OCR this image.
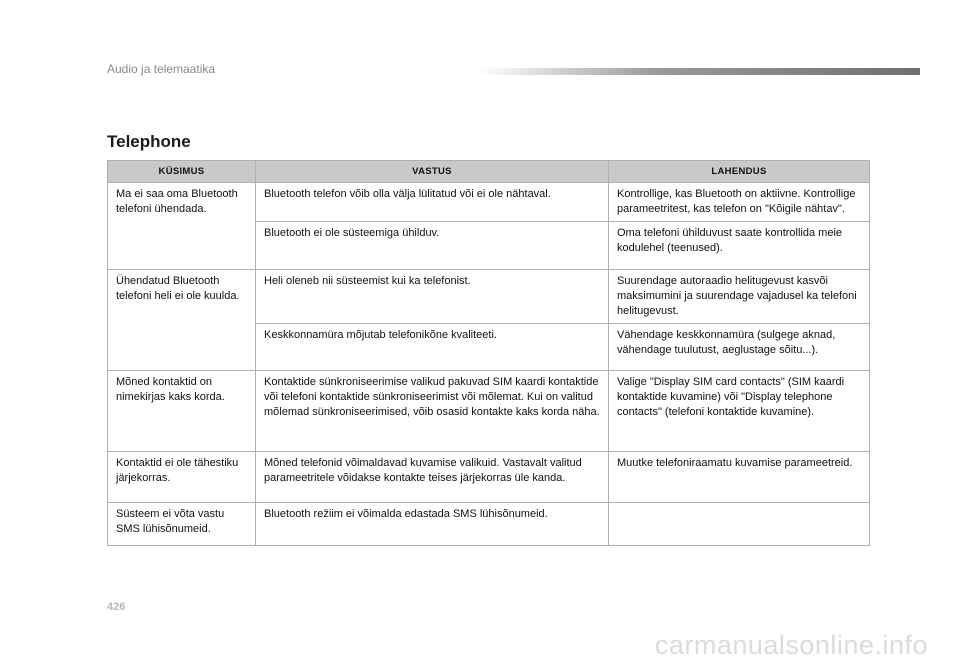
Audio ja telemaatika
Telephone
KÜSIMUS	VASTUS	LAHENDUS
Ma ei saa oma Bluetooth telefoni ühendada.	Bluetooth telefon võib olla välja lülitatud või ei ole nähtaval.	Kontrollige, kas Bluetooth on aktiivne. Kontrollige parameetritest, kas telefon on "Kõigile nähtav".
	Bluetooth ei ole süsteemiga ühilduv.	Oma telefoni ühilduvust saate kontrollida meie kodulehel (teenused).
Ühendatud Bluetooth telefoni heli ei ole kuulda.	Heli oleneb nii süsteemist kui ka telefonist.	Suurendage autoraadio helitugevust kasvõi maksimumini ja suurendage vajadusel ka telefoni helitugevust.
	Keskkonnamüra mõjutab telefonikõne kvaliteeti.	Vähendage keskkonnamüra (sulgege aknad, vähendage tuulutust, aeglustage sõitu...).
Mõned kontaktid on nimekirjas kaks korda.	Kontaktide sünkroniseerimise valikud pakuvad SIM kaardi kontaktide või telefoni kontaktide sünkroniseerimist või mõlemat. Kui on valitud mõlemad sünkroniseerimised, võib osasid kontakte kaks korda näha.	Valige "Display SIM card contacts" (SIM kaardi kontaktide kuvamine) või "Display telephone contacts" (telefoni kontaktide kuvamine).
Kontaktid ei ole tähestiku järjekorras.	Mõned telefonid võimaldavad kuvamise valikuid. Vastavalt valitud parameetritele võidakse kontakte teises järjekorras üle kanda.	Muutke telefoniraamatu kuvamise parameetreid.
Süsteem ei võta vastu SMS lühisõnumeid.	Bluetooth režiim ei võimalda edastada SMS lühisõnumeid.	
426
carmanualsonline.info
